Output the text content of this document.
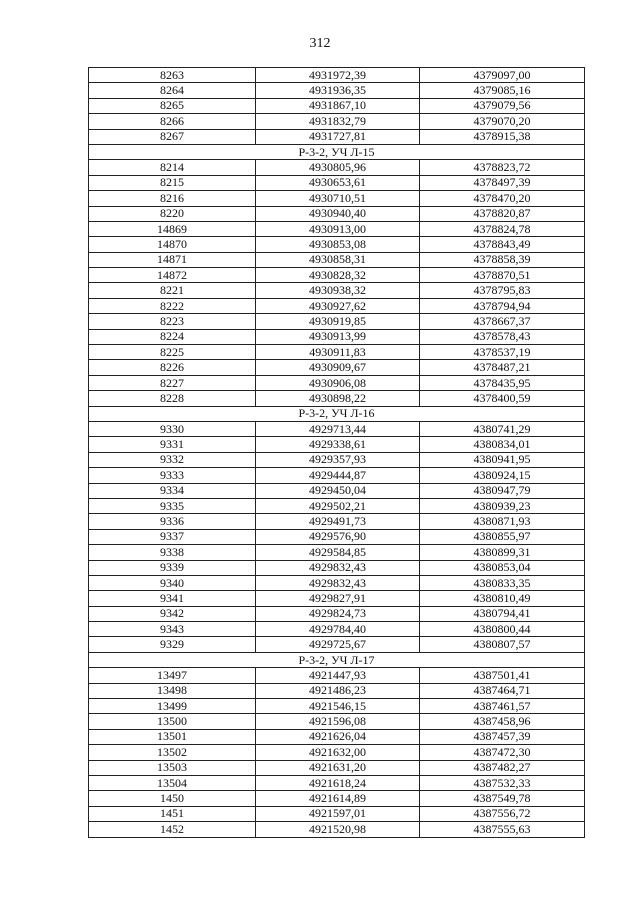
312
8263	4931972,39	4379097,00
8264	4931936,35	4379085,16
8265	4931867,10	4379079,56
8266	4931832,79	4379070,20
8267	4931727,81	4378915,38
Р-3-2, УЧ Л-15		
8214	4930805,96	4378823,72
8215	4930653,61	4378497,39
8216	4930710,51	4378470,20
8220	4930940,40	4378820,87
14869	4930913,00	4378824,78
14870	4930853,08	4378843,49
14871	4930858,31	4378858,39
14872	4930828,32	4378870,51
8221	4930938,32	4378795,83
8222	4930927,62	4378794,94
8223	4930919,85	4378667,37
8224	4930913,99	4378578,43
8225	4930911,83	4378537,19
8226	4930909,67	4378487,21
8227	4930906,08	4378435,95
8228	4930898,22	4378400,59
Р-3-2, УЧ Л-16		
9330	4929713,44	4380741,29
9331	4929338,61	4380834,01
9332	4929357,93	4380941,95
9333	4929444,87	4380924,15
9334	4929450,04	4380947,79
9335	4929502,21	4380939,23
9336	4929491,73	4380871,93
9337	4929576,90	4380855,97
9338	4929584,85	4380899,31
9339	4929832,43	4380853,04
9340	4929832,43	4380833,35
9341	4929827,91	4380810,49
9342	4929824,73	4380794,41
9343	4929784,40	4380800,44
9329	4929725,67	4380807,57
Р-3-2, УЧ Л-17		
13497	4921447,93	4387501,41
13498	4921486,23	4387464,71
13499	4921546,15	4387461,57
13500	4921596,08	4387458,96
13501	4921626,04	4387457,39
13502	4921632,00	4387472,30
13503	4921631,20	4387482,27
13504	4921618,24	4387532,33
1450	4921614,89	4387549,78
1451	4921597,01	4387556,72
1452	4921520,98	4387555,63
